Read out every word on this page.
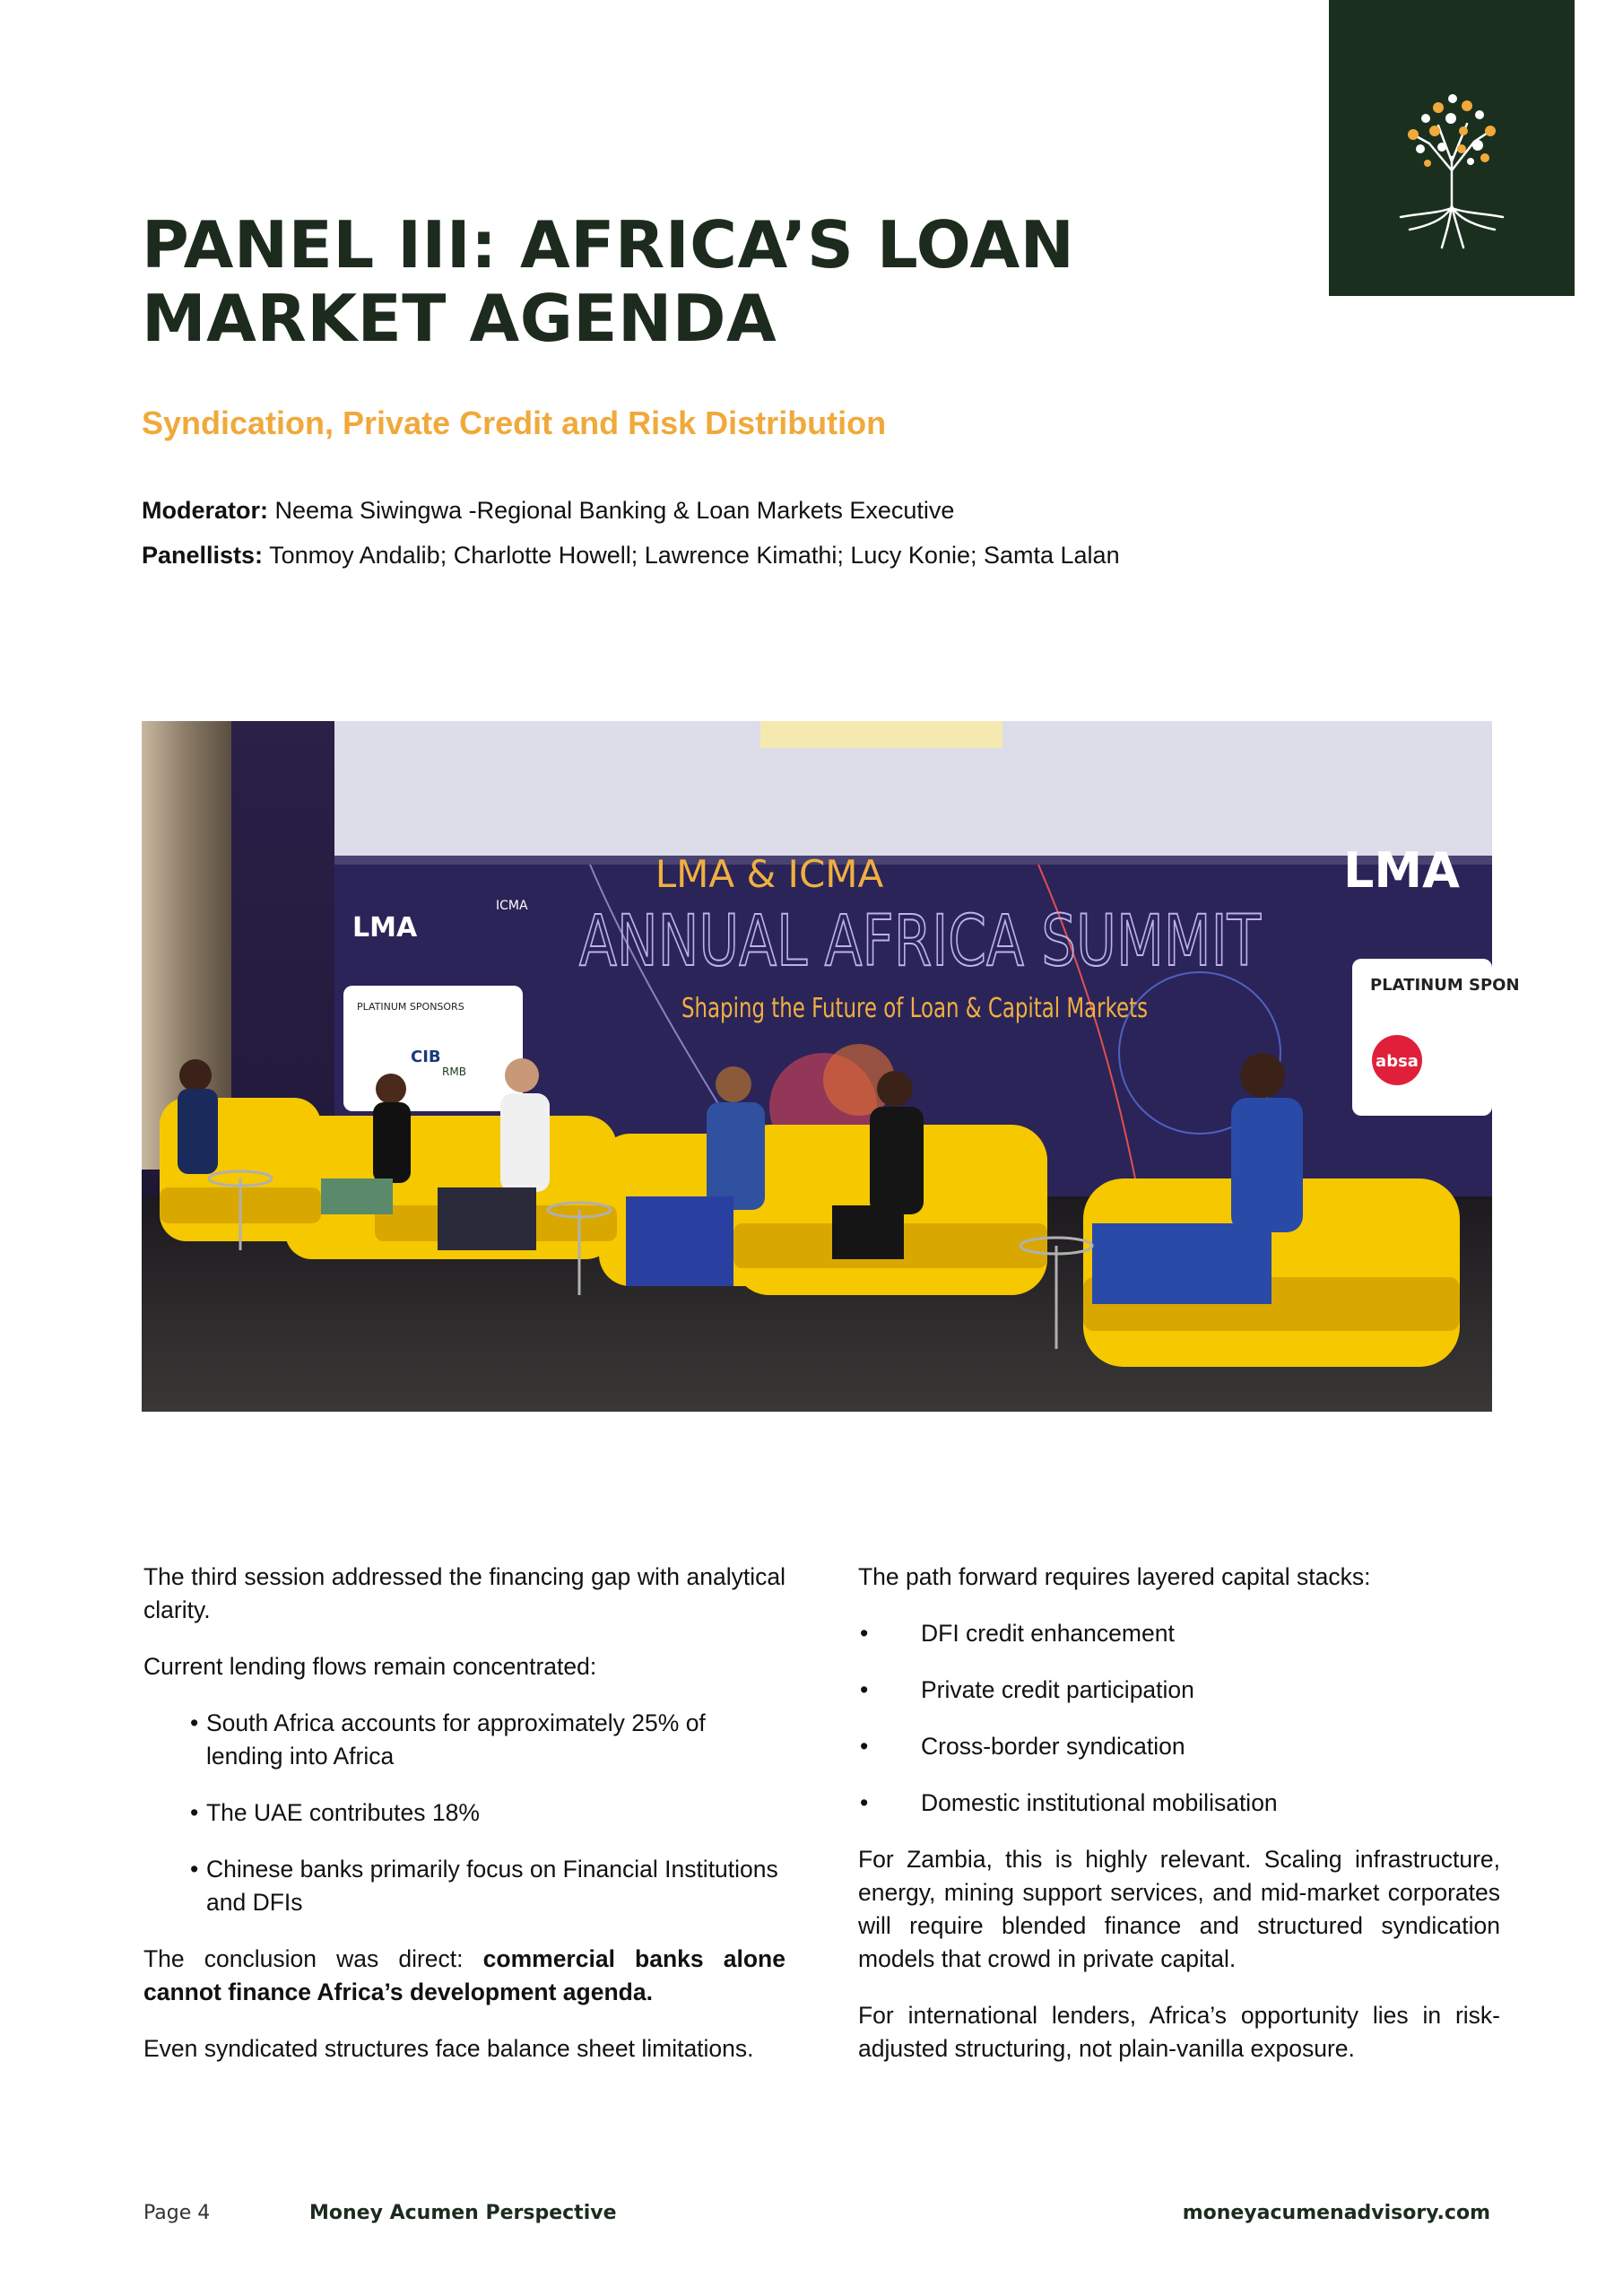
PANEL III: AFRICA’S LOAN
MARKET AGENDA
Syndication, Private Credit and Risk Distribution
Moderator: Neema Siwingwa -Regional Banking & Loan Markets Executive
Panellists: Tonmoy Andalib; Charlotte Howell; Lawrence Kimathi; Lucy Konie; Samta Lalan
LMA & ICMA
ANNUAL AFRICA SUMMIT
Shaping the Future of Loan & Capital Markets
LMA
ICMA
LMA
PLATINUM SPONSORS
CIB
RMB
PLATINUM SPON
absa

The third session addressed the financing gap with analytical clarity.

Current lending flows remain concentrated:

• South Africa accounts for approximately 25% of lending into Africa
• The UAE contributes 18%
• Chinese banks primarily focus on Financial Institutions and DFIs

The conclusion was direct: commercial banks alone cannot finance Africa’s development agenda.

Even syndicated structures face balance sheet limitations.

The path forward requires layered capital stacks:

• DFI credit enhancement
• Private credit participation
• Cross-border syndication
• Domestic institutional mobilisation

For Zambia, this is highly relevant. Scaling infrastructure, energy, mining support services, and mid-market corporates will require blended finance and structured syndication models that crowd in private capital.

For international lenders, Africa’s opportunity lies in risk-adjusted structuring, not plain-vanilla exposure.

Page 4	Money Acumen Perspective	moneyacumenadvisory.com
